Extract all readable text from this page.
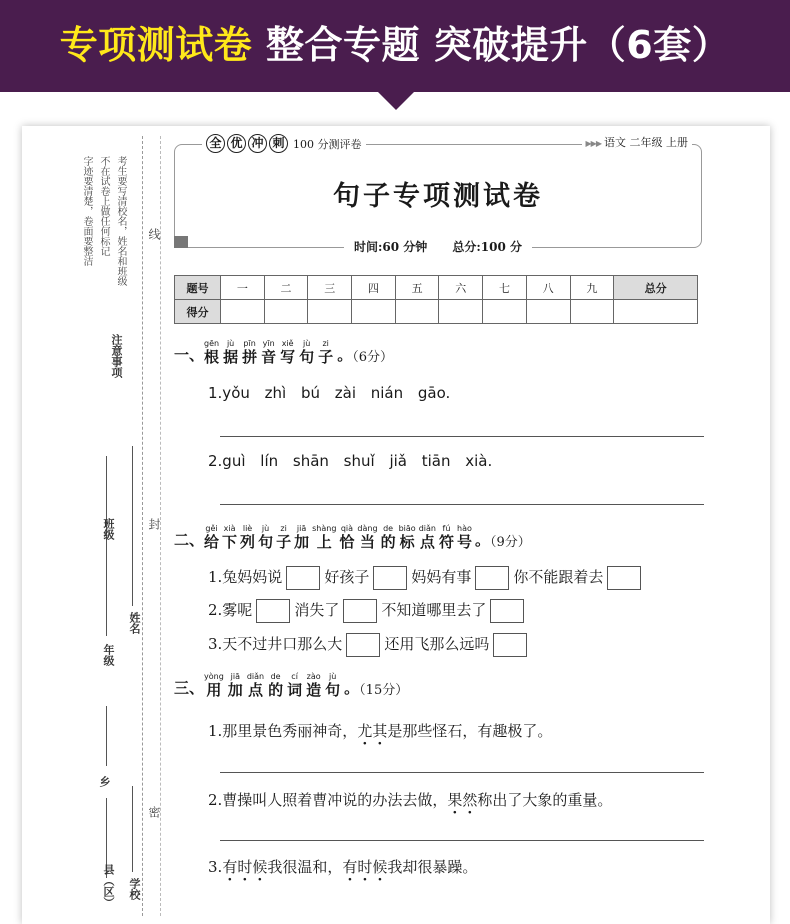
专项测试卷 整合专题 突破提升（6套）
考生要写清校名，姓名和班级
不在试卷上做任何标记
字迹要清楚，卷面要整洁
注意事项
线
封
密
年级
班级
姓名
乡
县（区） 学校
全 优 冲 刺 100 分测评卷	▶▶▶ 语文 二年级 上册
句子专项测试卷
时间:60 分钟 总分:100 分
题号	一	二	三	四	五	六	七	八	九	总分
得分										
一、
gēn
根
jù
据
pīn
拼
yīn
音
xiě
写
jù
句
zi
子 。（6分）
1.yǒu zhì bú zài nián gāo.
2.guì lín shān shuǐ jiǎ tiān xià.
二、
gěi
给
xià
下
liè
列
jù
句
zi
子
jiā
加
shàng
上
qià
恰
dàng
当
de
的
biāo
标
diǎn
点
fú
符
hào
号 。（9分）
1.兔妈妈说	好孩子	妈妈有事	你不能跟着去
2.雾呢	消失了	不知道哪里去了
3.天不过井口那么大	还用飞那么远吗
三、
yòng
用
jiā
加
diǎn
点
de
的
cí
词
zào
造
jù
句 。（15分）
1.那里景色秀丽神奇，尤其是那些怪石，有趣极了。
2.曹操叫人照着曹冲说的办法去做，果然称出了大象的重量。
3.有时候我很温和，有时候我却很暴躁。
